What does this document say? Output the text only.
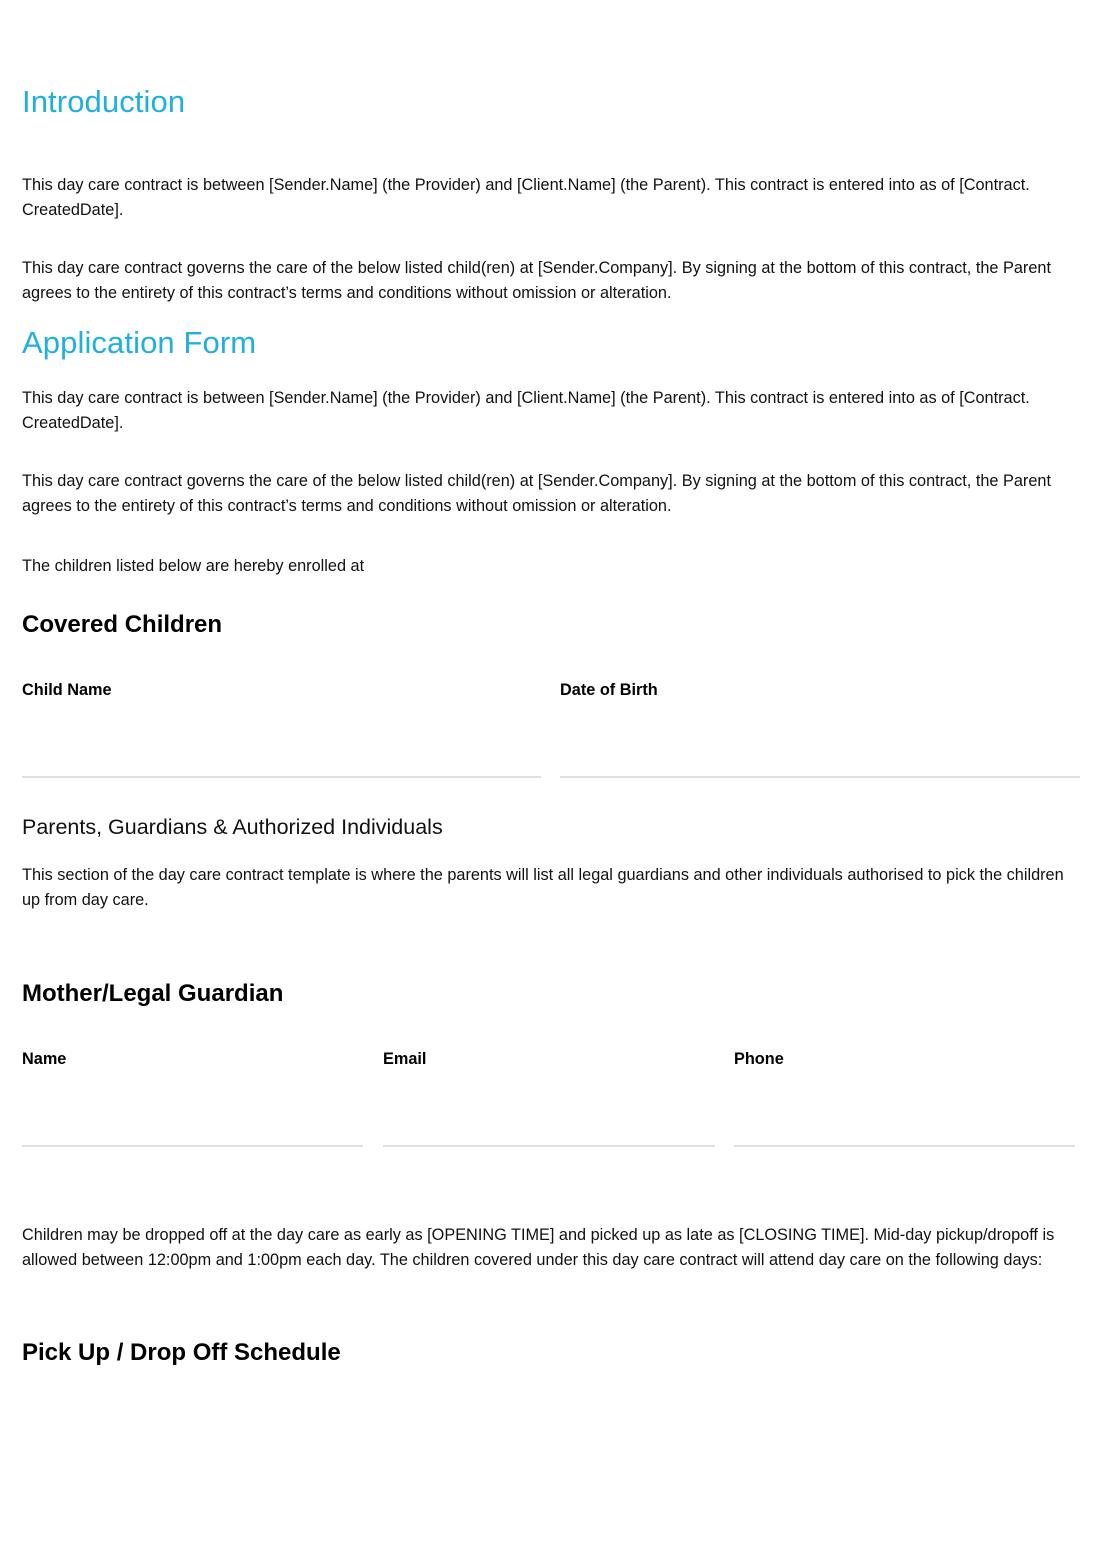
Introduction

This day care contract is between [Sender.Name] (the Provider) and [Client.Name] (the Parent). This contract is entered into as of [Contract. CreatedDate].

This day care contract governs the care of the below listed child(ren) at [Sender.Company]. By signing at the bottom of this contract, the Parent agrees to the entirety of this contract’s terms and conditions without omission or alteration.

Application Form

This day care contract is between [Sender.Name] (the Provider) and [Client.Name] (the Parent). This contract is entered into as of [Contract. CreatedDate].

This day care contract governs the care of the below listed child(ren) at [Sender.Company]. By signing at the bottom of this contract, the Parent agrees to the entirety of this contract’s terms and conditions without omission or alteration.

The children listed below are hereby enrolled at

Covered Children
Child Name	Date of Birth
Parents, Guardians & Authorized Individuals

This section of the day care contract template is where the parents will list all legal guardians and other individuals authorised to pick the children up from day care.

Mother/Legal Guardian
Name	Email	Phone

Children may be dropped off at the day care as early as [OPENING TIME] and picked up as late as [CLOSING TIME]. Mid-day pickup/dropoff is allowed between 12:00pm and 1:00pm each day. The children covered under this day care contract will attend day care on the following days:

Pick Up / Drop Off Schedule
